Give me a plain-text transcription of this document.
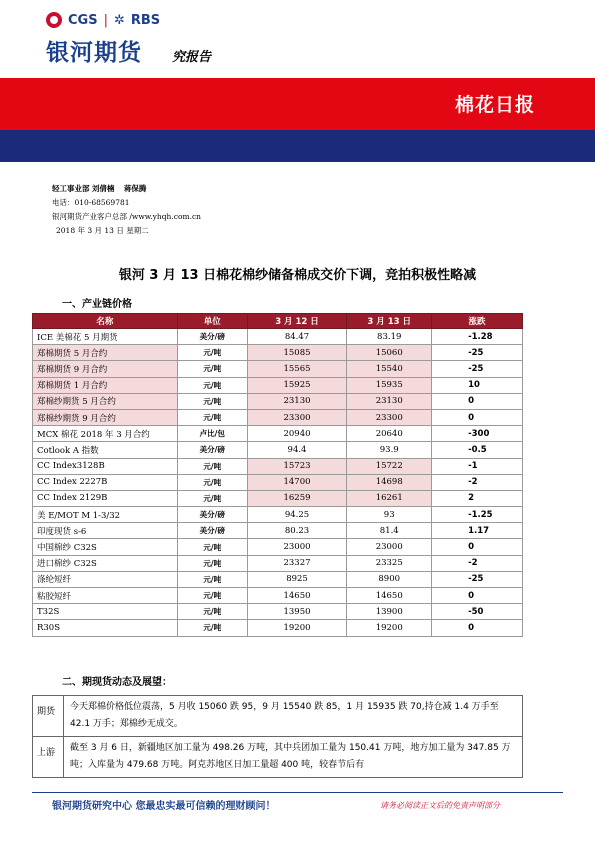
CGS | ✲ RBS
银河期货 究报告
棉花日报
轻工事业部 刘倩楠 蒋保腾
电话：010-68569781
银河期货产业客户总部 /www.yhqh.com.cn
2018 年 3 月 13 日 星期二
银河 3 月 13 日棉花棉纱储备棉成交价下调，竞拍积极性略减
一、产业链价格
名称	单位	3 月 12 日	3 月 13 日	涨跌
ICE 美棉花 5 月期货	美分/磅	84.47	83.19	-1.28
郑棉期货 5 月合约	元/吨	15085	15060	-25
郑棉期货 9 月合约	元/吨	15565	15540	-25
郑棉期货 1 月合约	元/吨	15925	15935	10
郑棉纱期货 5 月合约	元/吨	23130	23130	0
郑棉纱期货 9 月合约	元/吨	23300	23300	0
MCX 棉花 2018 年 3 月合约	卢比/包	20940	20640	-300
Cotlook A 指数	美分/磅	94.4	93.9	-0.5
CC Index3128B	元/吨	15723	15722	-1
CC Index 2227B	元/吨	14700	14698	-2
CC Index 2129B	元/吨	16259	16261	2
美 E/MOT M 1-3/32	美分/磅	94.25	93	-1.25
印度现货 s-6	美分/磅	80.23	81.4	1.17
中国棉纱 C32S	元/吨	23000	23000	0
进口棉纱 C32S	元/吨	23327	23325	-2
涤纶短纤	元/吨	8925	8900	-25
粘胶短纤	元/吨	14650	14650	0
T32S	元/吨	13950	13900	-50
R30S	元/吨	19200	19200	0
二、期现货动态及展望：
期货	今天郑棉价格低位震荡，5 月收 15060 跌 95，9 月 15540 跌 85，1 月 15935 跌 70,持仓减 1.4 万手至 42.1 万手；郑棉纱无成交。
上游	截至 3 月 6 日，新疆地区加工量为 498.26 万吨，其中兵团加工量为 150.41 万吨，地方加工量为 347.85 万吨；入库量为 479.68 万吨。阿克苏地区日加工量超 400 吨，较春节后有
银河期货研究中心 您最忠实最可信赖的理财顾问！	请务必阅读正文后的免责声明部分
